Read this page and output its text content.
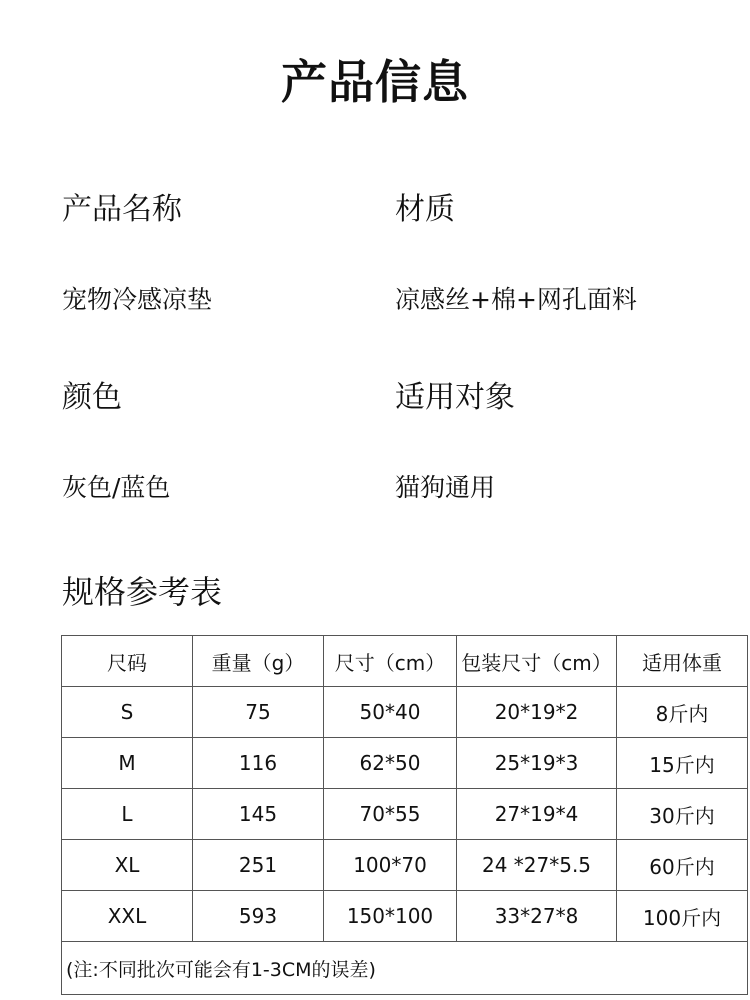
产品信息
产品名称	材质
宠物冷感凉垫	凉感丝+棉+网孔面料
颜色	适用对象
灰色/蓝色	猫狗通用
规格参考表
尺码	重量（g）	尺寸（cm）	包装尺寸（cm）	适用体重
S	75	50*40	20*19*2	8斤内
M	116	62*50	25*19*3	15斤内
L	145	70*55	27*19*4	30斤内
XL	251	100*70	24 *27*5.5	60斤内
XXL	593	150*100	33*27*8	100斤内
(注:不同批次可能会有1-3CM的误差)				
